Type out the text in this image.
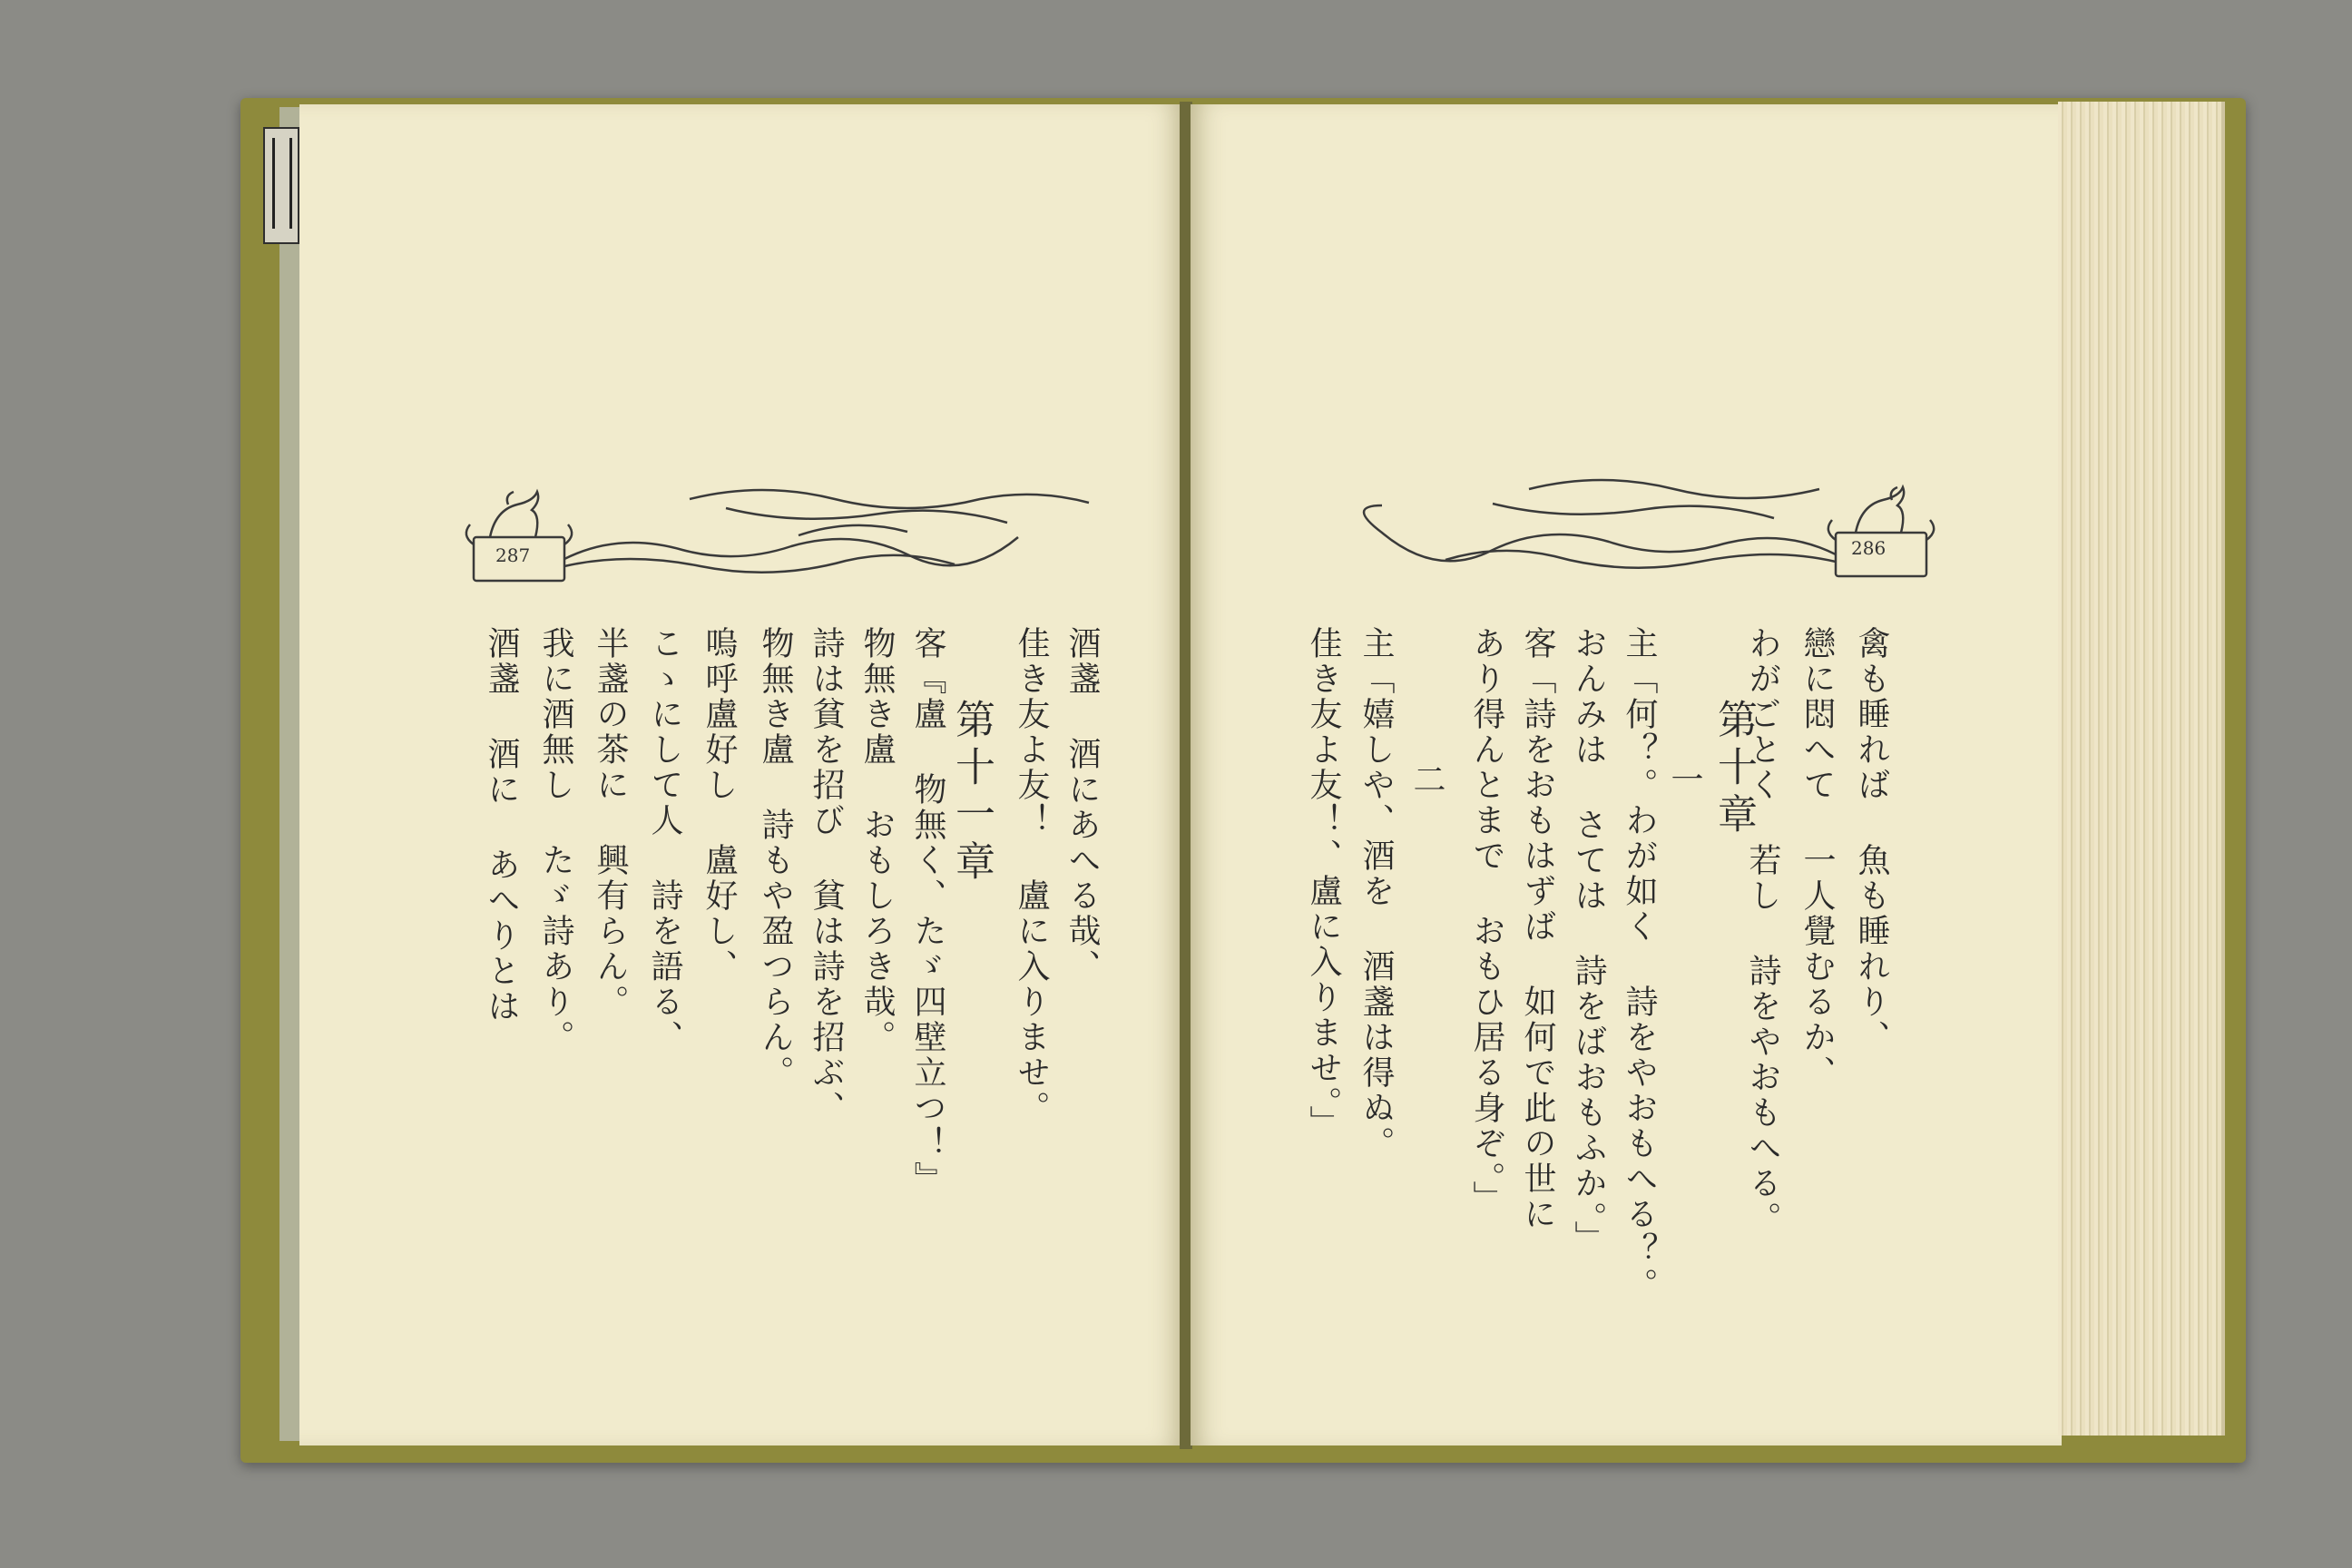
287	286
酒盞 酒にあへる哉、
佳き友よ友！ 盧に入りませ。
第十一章
客『盧 物無く、たゞ四壁立つ！』
物無き盧 おもしろき哉。
詩は貧を招び 貧は詩を招ぶ、
物無き盧 詩もや盈つらん。
嗚呼盧好し 盧好し、
こゝにして人 詩を語る、
半盞の茶に 興有らん。
我に酒無し たゞ詩あり。
酒盞 酒に あへりとは	禽も睡れば 魚も睡れり、
戀に悶へて 一人覺むるか、
わがごとく 若し 詩をやおもへる。
第十章
一
主「何？。わが如く 詩をやおもへる？。
おんみは さては 詩をばおもふか。」
客「詩をおもはずば 如何で此の世に
あり得んとまで おもひ居る身ぞ。」
二
主「嬉しや、酒を 酒盞は得ぬ。
佳き友よ友！、盧に入りませ。」
